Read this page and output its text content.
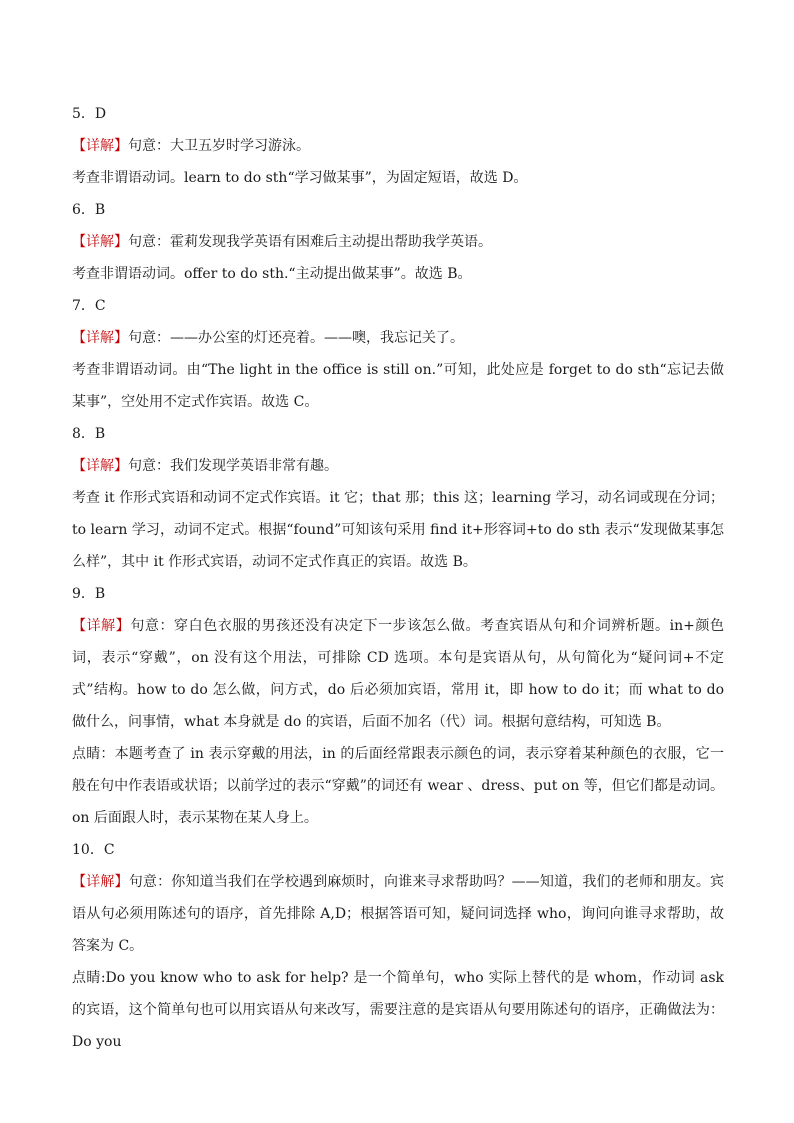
5．D
【详解】句意：大卫五岁时学习游泳。
考查非谓语动词。learn to do sth“学习做某事”，为固定短语，故选 D。
6．B
【详解】句意：霍莉发现我学英语有困难后主动提出帮助我学英语。
考查非谓语动词。offer to do sth.“主动提出做某事”。故选 B。
7．C
【详解】句意：——办公室的灯还亮着。——噢，我忘记关了。
考查非谓语动词。由“The light in the office is still on.”可知，此处应是 forget to do sth“忘记去做某事”，空处用不定式作宾语。故选 C。
8．B
【详解】句意：我们发现学英语非常有趣。
考查 it 作形式宾语和动词不定式作宾语。it 它；that 那；this 这；learning 学习，动名词或现在分词；to learn 学习，动词不定式。根据“found”可知该句采用 find it+形容词+to do sth 表示“发现做某事怎么样”，其中 it 作形式宾语，动词不定式作真正的宾语。故选 B。
9．B
【详解】句意：穿白色衣服的男孩还没有决定下一步该怎么做。考查宾语从句和介词辨析题。in+颜色词，表示“穿戴”，on 没有这个用法，可排除 CD 选项。本句是宾语从句，从句简化为“疑问词+不定式”结构。how to do 怎么做，问方式，do 后必须加宾语，常用 it，即 how to do it；而 what to do 做什么，问事情，what 本身就是 do 的宾语，后面不加名（代）词。根据句意结构，可知选 B。
点睛：本题考查了 in 表示穿戴的用法，in 的后面经常跟表示颜色的词，表示穿着某种颜色的衣服，它一般在句中作表语或状语；以前学过的表示“穿戴”的词还有 wear 、dress、put on 等，但它们都是动词。on 后面跟人时，表示某物在某人身上。
10．C
【详解】句意：你知道当我们在学校遇到麻烦时，向谁来寻求帮助吗？——知道，我们的老师和朋友。宾语从句必须用陈述句的语序，首先排除 A,D；根据答语可知，疑问词选择 who，询问向谁寻求帮助，故答案为 C。
点睛:Do you know who to ask for help? 是一个简单句，who 实际上替代的是 whom，作动词 ask 的宾语，这个简单句也可以用宾语从句来改写，需要注意的是宾语从句要用陈述句的语序，正确做法为：Do you
